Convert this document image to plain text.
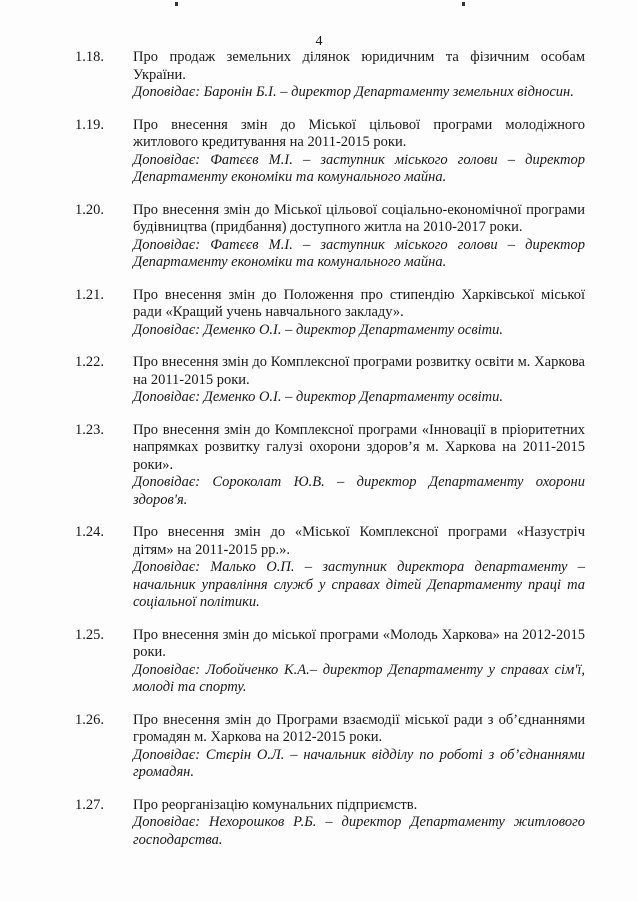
4
1.18. Про продаж земельних ділянок юридичним та фізичним особам України.
Доповідає: Баронін Б.І. – директор Департаменту земельних відносин.
1.19. Про внесення змін до Міської цільової програми молодіжного житлового кредитування на 2011-2015 роки.
Доповідає: Фатєєв М.І. – заступник міського голови – директор Департаменту економіки та комунального майна.
1.20. Про внесення змін до Міської цільової соціально-економічної програми будівництва (придбання) доступного житла на 2010-2017 роки.
Доповідає: Фатєєв М.І. – заступник міського голови – директор Департаменту економіки та комунального майна.
1.21. Про внесення змін до Положення про стипендію Харківської міської ради «Кращий учень навчального закладу».
Доповідає: Деменко О.І. – директор Департаменту освіти.
1.22. Про внесення змін до Комплексної програми розвитку освіти м. Харкова на 2011-2015 роки.
Доповідає: Деменко О.І. – директор Департаменту освіти.
1.23. Про внесення змін до Комплексної програми «Інновації в пріоритетних напрямках розвитку галузі охорони здоров’я м. Харкова на 2011-2015 роки».
Доповідає: Сороколат Ю.В. – директор Департаменту охорони здоров'я.
1.24. Про внесення змін до «Міської Комплексної програми «Назустріч дітям» на 2011-2015 рр.».
Доповідає: Малько О.П. – заступник директора департаменту – начальник управління служб у справах дітей Департаменту праці та соціальної політики.
1.25. Про внесення змін до міської програми «Молодь Харкова» на 2012-2015 роки.
Доповідає: Лобойченко К.А.– директор Департаменту у справах сім'ї, молоді та спорту.
1.26. Про внесення змін до Програми взаємодії міської ради з об’єднаннями громадян м. Харкова на 2012-2015 роки.
Доповідає: Стєрін О.Л. – начальник відділу по роботі з об’єднаннями громадян.
1.27. Про реорганізацію комунальних підприємств.
Доповідає: Нехорошков Р.Б. – директор Департаменту житлового господарства.
